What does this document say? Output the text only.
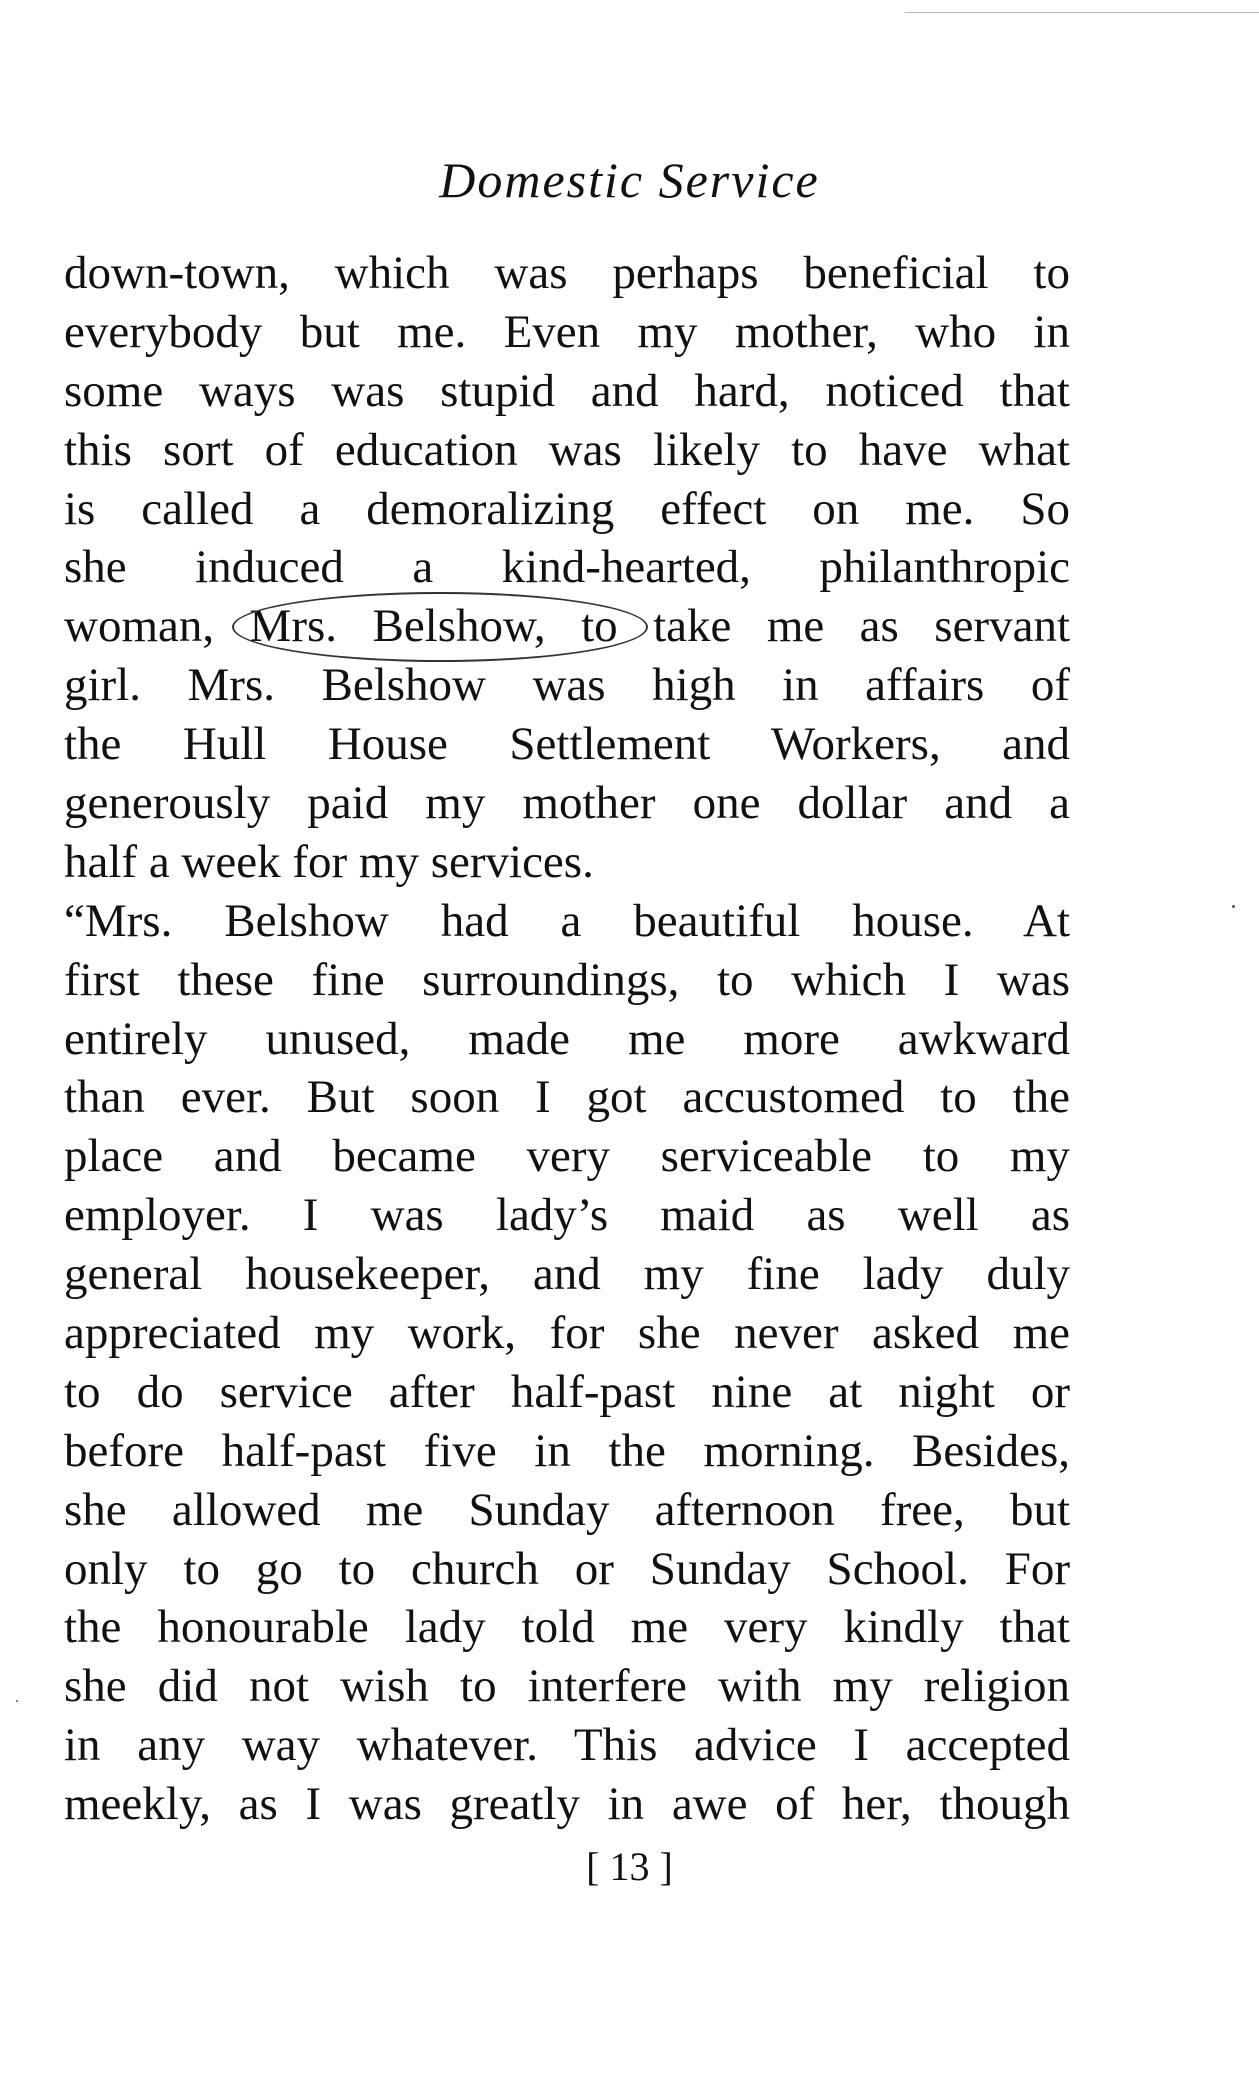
Domestic Service
down-town, which was perhaps beneficial to
everybody but me. Even my mother, who in
some ways was stupid and hard, noticed that
this sort of education was likely to have what
is called a demoralizing effect on me. So
she induced a kind-hearted, philanthropic
woman, Mrs. Belshow, to take me as servant
girl. Mrs. Belshow was high in affairs of
the Hull House Settlement Workers, and
generously paid my mother one dollar and a
half a week for my services.
“Mrs. Belshow had a beautiful house. At
first these fine surroundings, to which I was
entirely unused, made me more awkward
than ever. But soon I got accustomed to the
place and became very serviceable to my
employer. I was lady’s maid as well as
general housekeeper, and my fine lady duly
appreciated my work, for she never asked me
to do service after half-past nine at night or
before half-past five in the morning. Besides,
she allowed me Sunday afternoon free, but
only to go to church or Sunday School. For
the honourable lady told me very kindly that
she did not wish to interfere with my religion
in any way whatever. This advice I accepted
meekly, as I was greatly in awe of her, though
[ 13 ]
